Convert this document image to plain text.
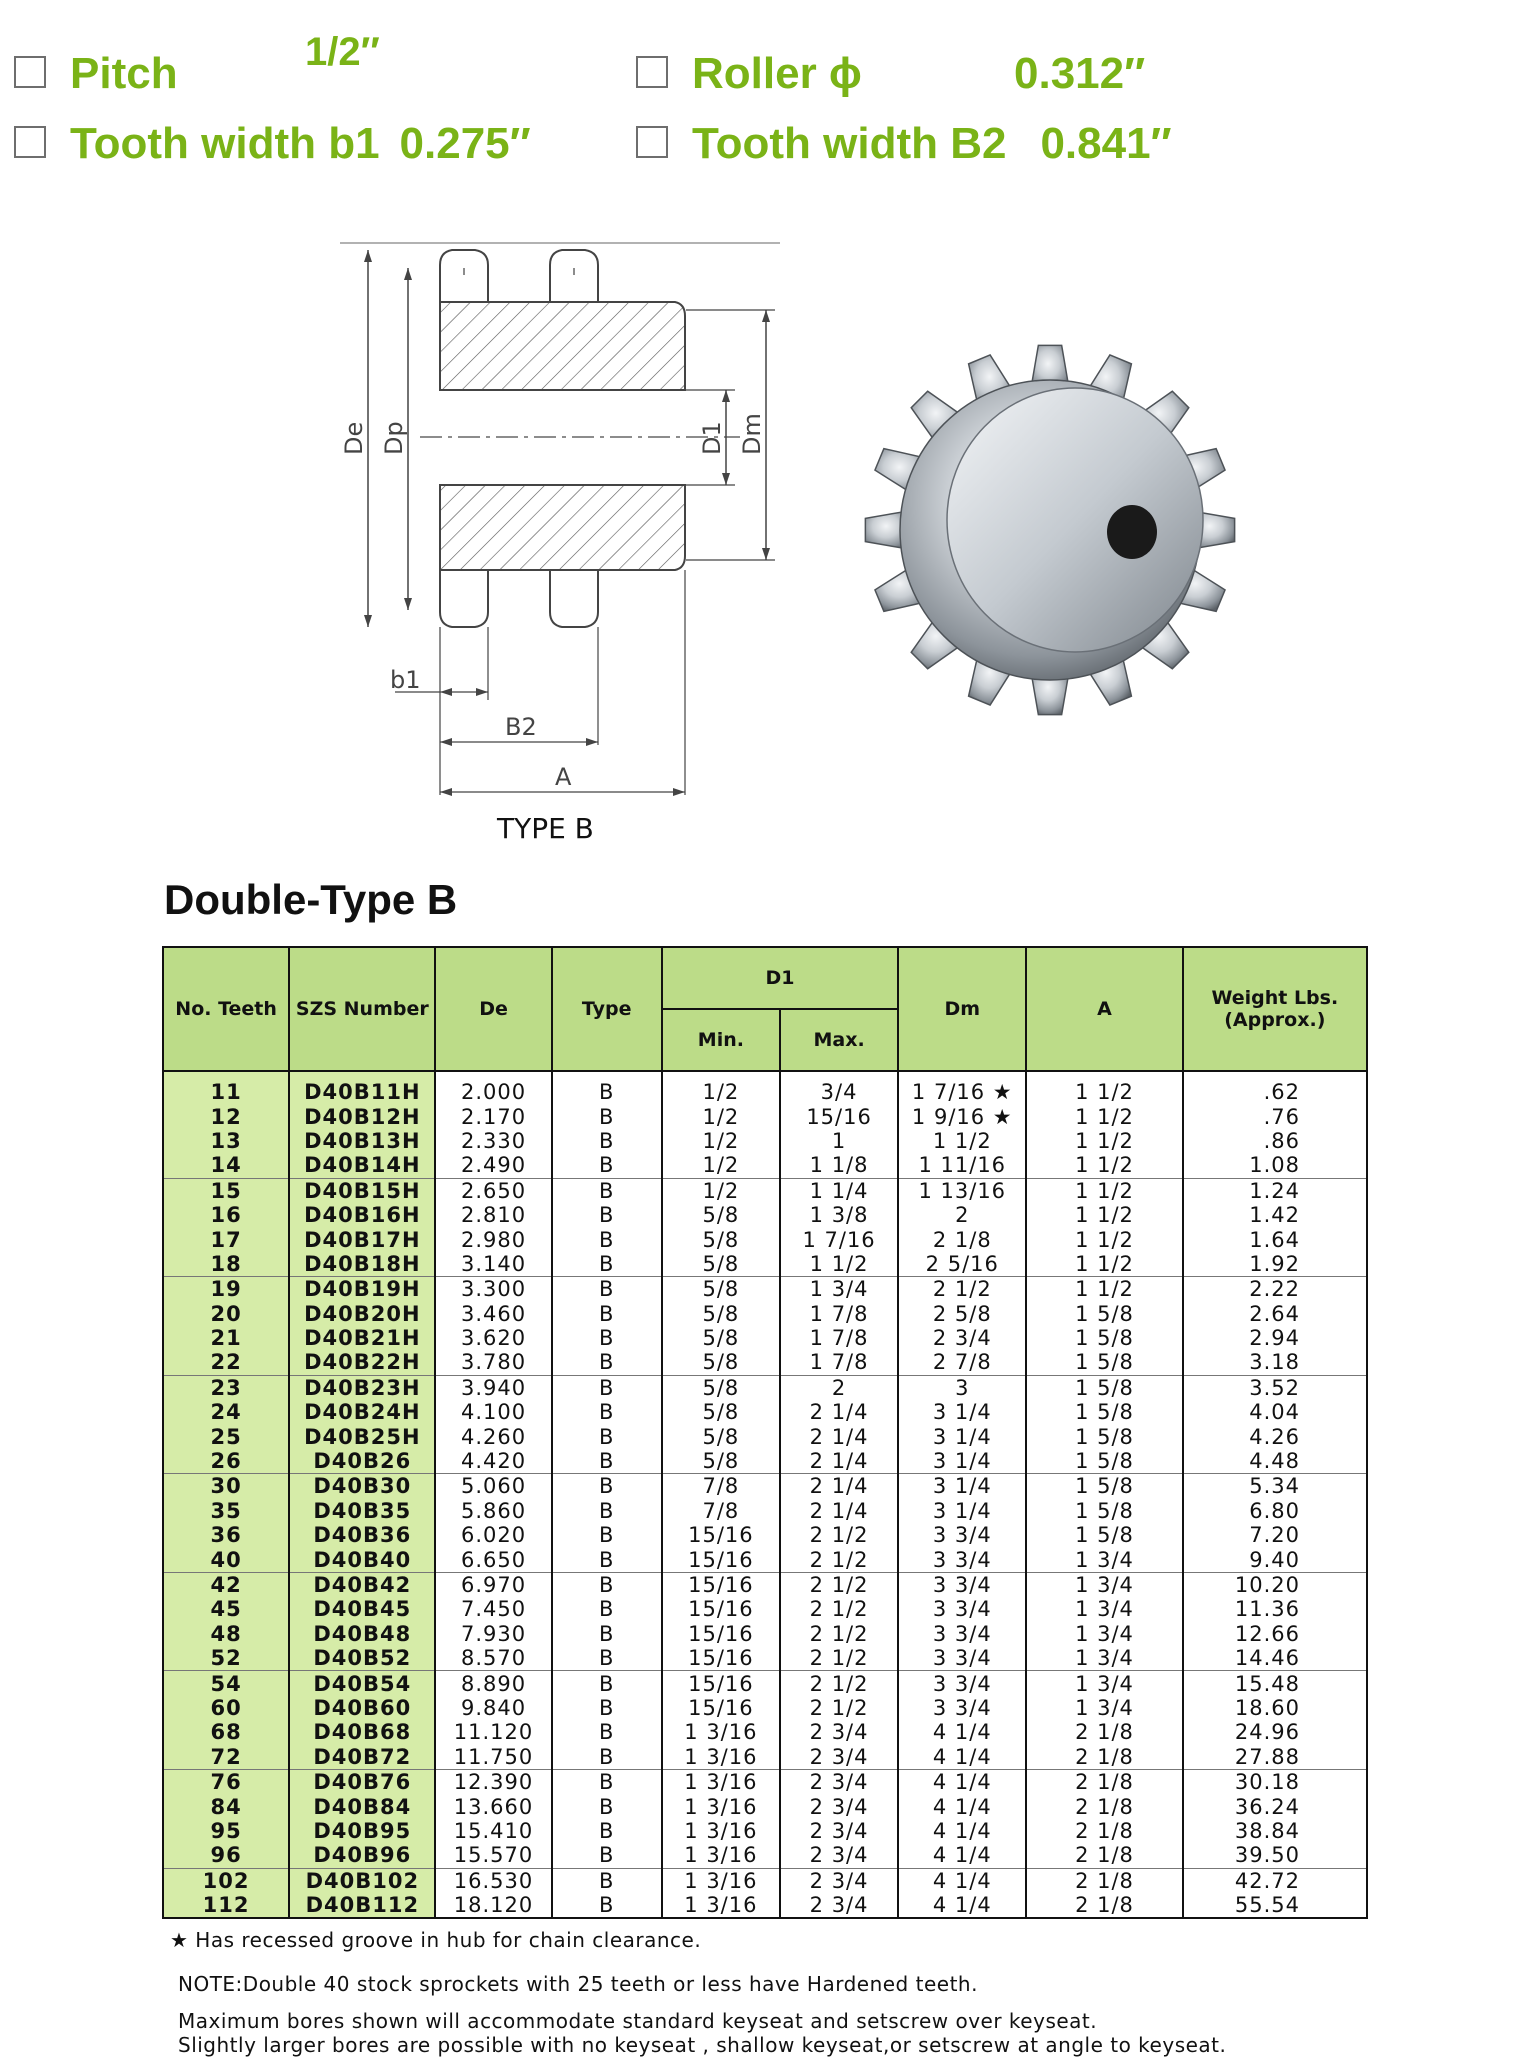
Pitch	1/2″	Roller ϕ	0.312″
Tooth width b1 0.275″	Tooth width B2 0.841″
De Dp	D1 Dm
b1
B2
A
TYPE B
Double-Type B
No. Teeth	SZS Number	De	Type	D1		Dm	A	Weight Lbs. (Approx.)
				Min.	Max.			
11	D40B11H	2.000	B	1/2	3/4	1 7/16 ★	1 1/2	.62
12	D40B12H	2.170	B	1/2	15/16	1 9/16 ★	1 1/2	.76
13	D40B13H	2.330	B	1/2	1	1 1/2	1 1/2	.86
14	D40B14H	2.490	B	1/2	1 1/8	1 11/16	1 1/2	1.08
15	D40B15H	2.650	B	1/2	1 1/4	1 13/16	1 1/2	1.24
16	D40B16H	2.810	B	5/8	1 3/8	2	1 1/2	1.42
17	D40B17H	2.980	B	5/8	1 7/16	2 1/8	1 1/2	1.64
18	D40B18H	3.140	B	5/8	1 1/2	2 5/16	1 1/2	1.92
19	D40B19H	3.300	B	5/8	1 3/4	2 1/2	1 1/2	2.22
20	D40B20H	3.460	B	5/8	1 7/8	2 5/8	1 5/8	2.64
21	D40B21H	3.620	B	5/8	1 7/8	2 3/4	1 5/8	2.94
22	D40B22H	3.780	B	5/8	1 7/8	2 7/8	1 5/8	3.18
23	D40B23H	3.940	B	5/8	2	3	1 5/8	3.52
24	D40B24H	4.100	B	5/8	2 1/4	3 1/4	1 5/8	4.04
25	D40B25H	4.260	B	5/8	2 1/4	3 1/4	1 5/8	4.26
26	D40B26	4.420	B	5/8	2 1/4	3 1/4	1 5/8	4.48
30	D40B30	5.060	B	7/8	2 1/4	3 1/4	1 5/8	5.34
35	D40B35	5.860	B	7/8	2 1/4	3 1/4	1 5/8	6.80
36	D40B36	6.020	B	15/16	2 1/2	3 3/4	1 5/8	7.20
40	D40B40	6.650	B	15/16	2 1/2	3 3/4	1 3/4	9.40
42	D40B42	6.970	B	15/16	2 1/2	3 3/4	1 3/4	10.20
45	D40B45	7.450	B	15/16	2 1/2	3 3/4	1 3/4	11.36
48	D40B48	7.930	B	15/16	2 1/2	3 3/4	1 3/4	12.66
52	D40B52	8.570	B	15/16	2 1/2	3 3/4	1 3/4	14.46
54	D40B54	8.890	B	15/16	2 1/2	3 3/4	1 3/4	15.48
60	D40B60	9.840	B	15/16	2 1/2	3 3/4	1 3/4	18.60
68	D40B68	11.120	B	1 3/16	2 3/4	4 1/4	2 1/8	24.96
72	D40B72	11.750	B	1 3/16	2 3/4	4 1/4	2 1/8	27.88
76	D40B76	12.390	B	1 3/16	2 3/4	4 1/4	2 1/8	30.18
84	D40B84	13.660	B	1 3/16	2 3/4	4 1/4	2 1/8	36.24
95	D40B95	15.410	B	1 3/16	2 3/4	4 1/4	2 1/8	38.84
96	D40B96	15.570	B	1 3/16	2 3/4	4 1/4	2 1/8	39.50
102	D40B102	16.530	B	1 3/16	2 3/4	4 1/4	2 1/8	42.72
112	D40B112	18.120	B	1 3/16	2 3/4	4 1/4	2 1/8	55.54
★ Has recessed groove in hub for chain clearance.
NOTE:Double 40 stock sprockets with 25 teeth or less have Hardened teeth.
Maximum bores shown will accommodate standard keyseat and setscrew over keyseat.
Slightly larger bores are possible with no keyseat , shallow keyseat,or setscrew at angle to keyseat.
